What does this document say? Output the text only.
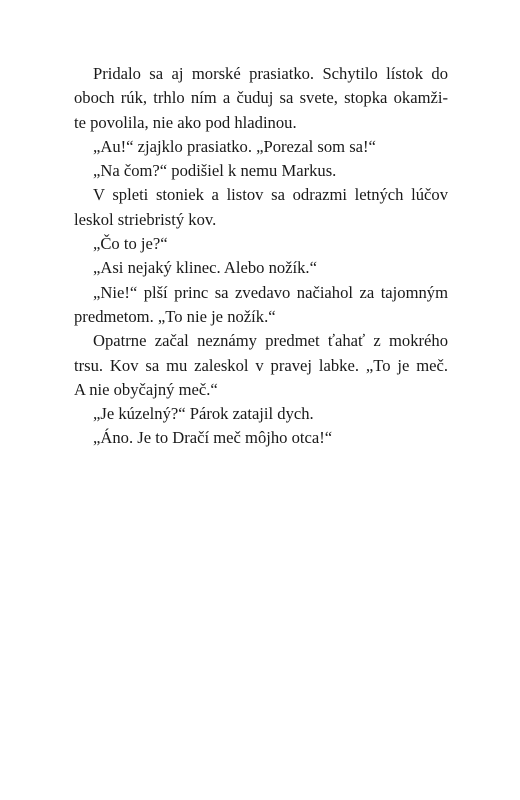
Pridalo sa aj morské prasiatko. Schytilo lístok do
oboch rúk, trhlo ním a čuduj sa svete, stopka okamži-
te povolila, nie ako pod hladinou.

„Au!“ zjajklo prasiatko. „Porezal som sa!“

„Na čom?“ podišiel k nemu Markus.

V spleti stoniek a listov sa odrazmi letných lúčov
leskol striebristý kov.

„Čo to je?“

„Asi nejaký klinec. Alebo nožík.“

„Nie!“ plší princ sa zvedavo načiahol za tajomným
predmetom. „To nie je nožík.“

Opatrne začal neznámy predmet ťahať z mokrého
trsu. Kov sa mu zaleskol v pravej labke. „To je meč.
A nie obyčajný meč.“

„Je kúzelný?“ Párok zatajil dych.

„Áno. Je to Dračí meč môjho otca!“
